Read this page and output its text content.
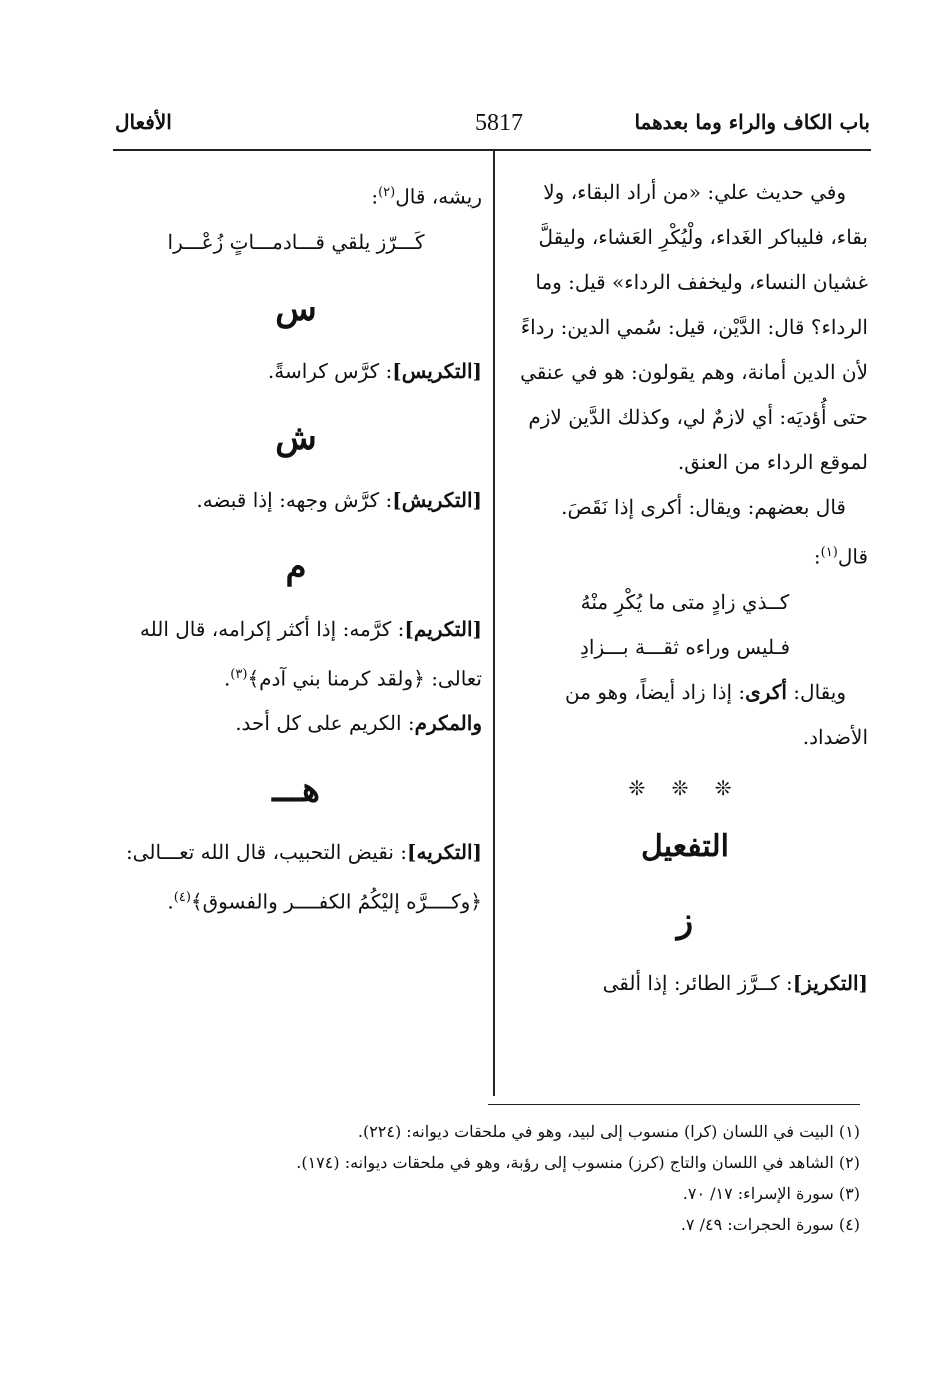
باب الكاف والراء وما بعدهما
5817
الأفعال

وفي حديث علي: «من أراد البقاء، ولا بقاء، فليباكر الغَداء، ولْيُكْرِ العَشاء، وليقلَّ غشيان النساء، وليخفف الرداء» قيل: وما الرداء؟ قال: الدَّيْن، قيل: سُمي الدين: رداءً لأن الدين أمانة، وهم يقولون: هو في عنقي حتى أُؤديَه: أي لازمٌ لي، وكذلك الدَّين لازم لموقع الرداء من العنق.

قال بعضهم: ويقال: أكرى إذا نَقَصَ.

قال$^{(١)}$:

كــذي زادٍ متى ما يُكْرِ منْهُ

فـليس وراءه ثقـــة بـــزادِ

ويقال: أكرى: إذا زاد أيضاً، وهو من الأضداد.

❊ ❊ ❊
التفعيل
ز

[التكريز]: كــرَّز الطائر: إذا ألقى

ريشه، قال$^{(٢)}$:

كَـــرّز يلقي قـــادمـــاتٍ زُعْـــرا

س

[التكريس]: كرَّس كراسةً.

ش

[التكريش]: كرَّش وجهه: إذا قبضه.

م

[التكريم]: كرَّمه: إذا أكثر إكرامه، قال الله تعالى: ﴿ولقد كرمنا بني آدم﴾$^{(٣)}$.

والمكرم: الكريم على كل أحد.

هـــ

[التكريه]: نقيض التحبيب، قال الله تعـــالى: ﴿وكــــرَّه إليْكُمُ الكفــــر والفسوق﴾$^{(٤)}$.

(١) البيت في اللسان (كرا) منسوب إلى لبيد، وهو في ملحقات ديوانه: (٢٢٤).
(٢) الشاهد في اللسان والتاج (كرز) منسوب إلى رؤبة، وهو في ملحقات ديوانه: (١٧٤).
(٣) سورة الإسراء: ١٧/ ٧٠.
(٤) سورة الحجرات: ٤٩/ ٧.
